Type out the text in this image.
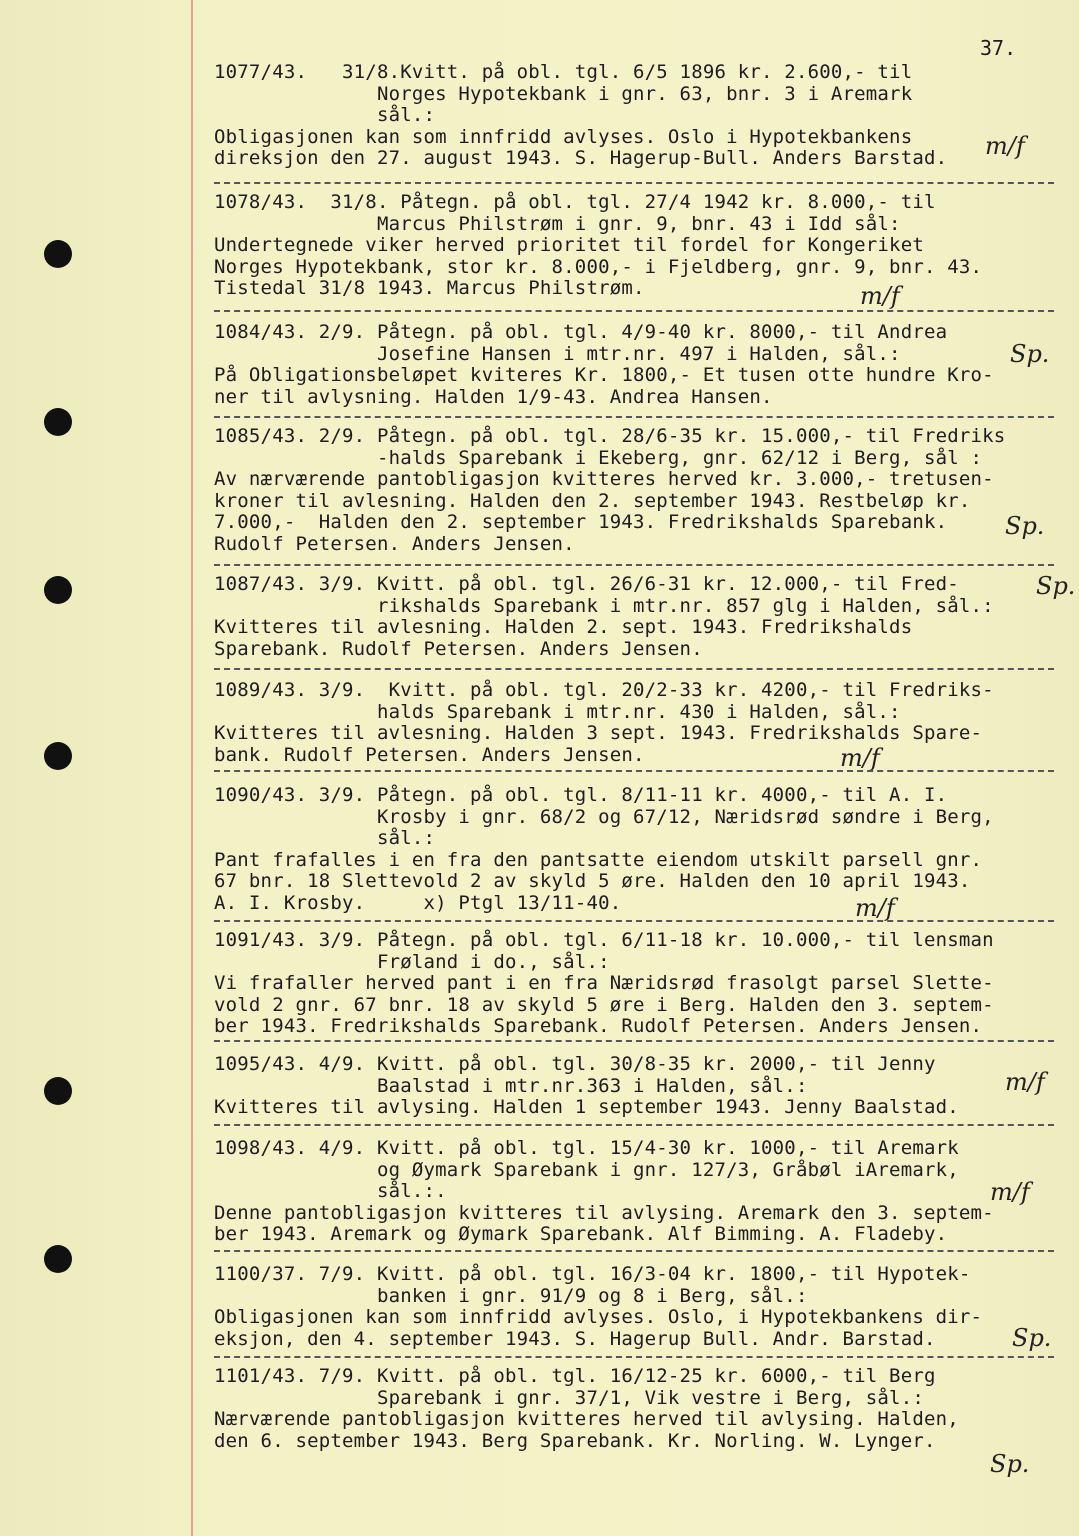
37.
1077/43.   31/8.Kvitt. på obl. tgl. 6/5 1896 kr. 2.600,- til
Norges Hypotekbank i gnr. 63, bnr. 3 i Aremark
sål.:
Obligasjonen kan som innfridd avlyses. Oslo i Hypotekbankens
direksjon den 27. august 1943. S. Hagerup-Bull. Anders Barstad.	m/f
1078/43.  31/8. Påtegn. på obl. tgl. 27/4 1942 kr. 8.000,- til
Marcus Philstrøm i gnr. 9, bnr. 43 i Idd sål:
Undertegnede viker herved prioritet til fordel for Kongeriket
Norges Hypotekbank, stor kr. 8.000,- i Fjeldberg, gnr. 9, bnr. 43.
Tistedal 31/8 1943. Marcus Philstrøm.	m/f
1084/43. 2/9. Påtegn. på obl. tgl. 4/9-40 kr. 8000,- til Andrea
Josefine Hansen i mtr.nr. 497 i Halden, sål.:
På Obligationsbeløpet kviteres Kr. 1800,- Et tusen otte hundre Kro-
ner til avlysning. Halden 1/9-43. Andrea Hansen.
Sp.
1085/43. 2/9. Påtegn. på obl. tgl. 28/6-35 kr. 15.000,- til Fredriks
-halds Sparebank i Ekeberg, gnr. 62/12 i Berg, sål :
Av nærværende pantobligasjon kvitteres herved kr. 3.000,- tretusen-
kroner til avlesning. Halden den 2. september 1943. Restbeløp kr.
7.000,-  Halden den 2. september 1943. Fredrikshalds Sparebank.
Rudolf Petersen. Anders Jensen.
Sp.
1087/43. 3/9. Kvitt. på obl. tgl. 26/6-31 kr. 12.000,- til Fred-
rikshalds Sparebank i mtr.nr. 857 glg i Halden, sål.:
Kvitteres til avlesning. Halden 2. sept. 1943. Fredrikshalds
Sparebank. Rudolf Petersen. Anders Jensen.
Sp.
1089/43. 3/9.  Kvitt. på obl. tgl. 20/2-33 kr. 4200,- til Fredriks-
halds Sparebank i mtr.nr. 430 i Halden, sål.:
Kvitteres til avlesning. Halden 3 sept. 1943. Fredrikshalds Spare-
bank. Rudolf Petersen. Anders Jensen.	m/f
1090/43. 3/9. Påtegn. på obl. tgl. 8/11-11 kr. 4000,- til A. I.
Krosby i gnr. 68/2 og 67/12, Næridsrød søndre i Berg,
sål.:
Pant frafalles i en fra den pantsatte eiendom utskilt parsell gnr.
67 bnr. 18 Slettevold 2 av skyld 5 øre. Halden den 10 april 1943.
A. I. Krosby.     x) Ptgl 13/11-40.	m/f
1091/43. 3/9. Påtegn. på obl. tgl. 6/11-18 kr. 10.000,- til lensman
Frøland i do., sål.:
Vi frafaller herved pant i en fra Næridsrød frasolgt parsel Slette-
vold 2 gnr. 67 bnr. 18 av skyld 5 øre i Berg. Halden den 3. septem-
ber 1943. Fredrikshalds Sparebank. Rudolf Petersen. Anders Jensen.
1095/43. 4/9. Kvitt. på obl. tgl. 30/8-35 kr. 2000,- til Jenny
Baalstad i mtr.nr.363 i Halden, sål.:
Kvitteres til avlysing. Halden 1 september 1943. Jenny Baalstad.
m/f
1098/43. 4/9. Kvitt. på obl. tgl. 15/4-30 kr. 1000,- til Aremark
og Øymark Sparebank i gnr. 127/3, Gråbøl iAremark,
sål.:.
Denne pantobligasjon kvitteres til avlysing. Aremark den 3. septem-
ber 1943. Aremark og Øymark Sparebank. Alf Bimming. A. Fladeby.
m/f
1100/37. 7/9. Kvitt. på obl. tgl. 16/3-04 kr. 1800,- til Hypotek-
banken i gnr. 91/9 og 8 i Berg, sål.:
Obligasjonen kan som innfridd avlyses. Oslo, i Hypotekbankens dir-
eksjon, den 4. september 1943. S. Hagerup Bull. Andr. Barstad.	Sp.
1101/43. 7/9. Kvitt. på obl. tgl. 16/12-25 kr. 6000,- til Berg
Sparebank i gnr. 37/1, Vik vestre i Berg, sål.:
Nærværende pantobligasjon kvitteres herved til avlysing. Halden,
den 6. september 1943. Berg Sparebank. Kr. Norling. W. Lynger.
Sp.
